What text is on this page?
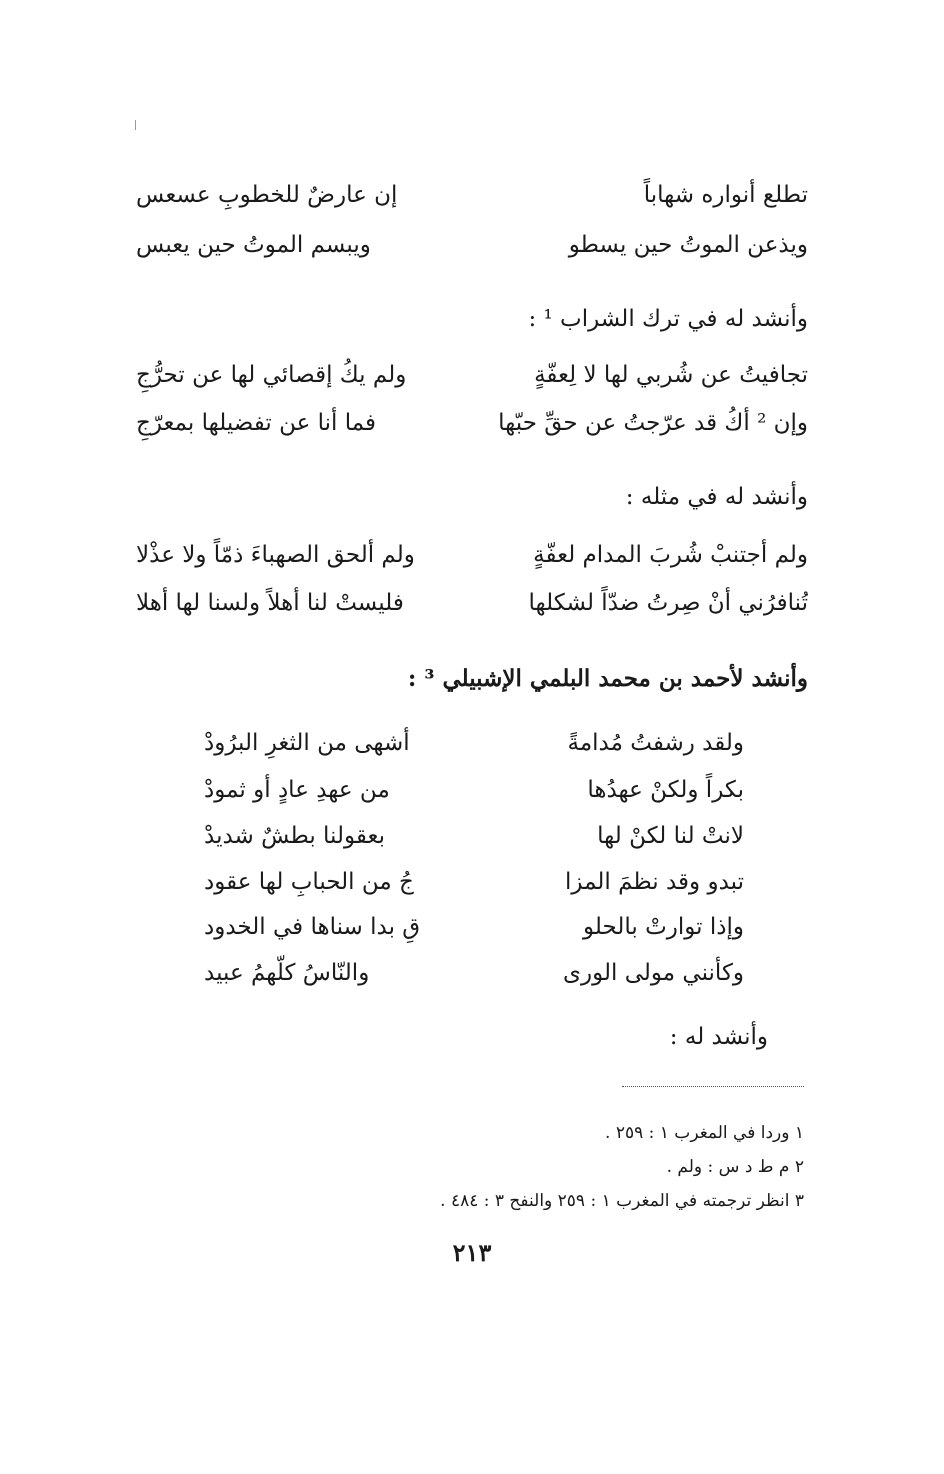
تطلع أنواره شهاباً
إن عارضٌ للخطوبِ عسعس
ويذعن الموتُ حين يسطو
ويبسم الموتُ حين يعبس
وأنشد له في ترك الشراب ¹ :
تجافيتُ عن شُربي لها لا لِعفّةٍ
ولم يكُ إقصائي لها عن تحرُّجِ
وإن ² أكُ قد عرّجتُ عن حقِّ حبّها
فما أنا عن تفضيلها بمعرّجِ
وأنشد له في مثله :
ولم أجتنبْ شُربَ المدام لعفّةٍ
ولم ألحق الصهباءَ ذمّاً ولا عذْلا
تُنافرُني أنْ صِرتُ ضدّاً لشكلها
فليستْ لنا أهلاً ولسنا لها أهلا
وأنشد لأحمد بن محمد البلمي الإشبيلي ³ :
ولقد رشفتُ مُدامةً
أشهى من الثغرِ البرُودْ
بكراً ولكنْ عهدُها
من عهدِ عادٍ أو ثمودْ
لانتْ لنا لكنْ لها
بعقولنا بطشٌ شديدْ
تبدو وقد نظمَ المزا
جُ من الحبابِ لها عقود
وإذا توارتْ بالحلو
قِ بدا سناها في الخدود
وكأنني مولى الورى
والنّاسُ كلّهمُ عبيد
وأنشد له :
١ وردا في المغرب ١ : ٢٥٩ .
٢ م ط د س : ولم .
٣ انظر ترجمته في المغرب ١ : ٢٥٩ والنفح ٣ : ٤٨٤ .
٢١٣
